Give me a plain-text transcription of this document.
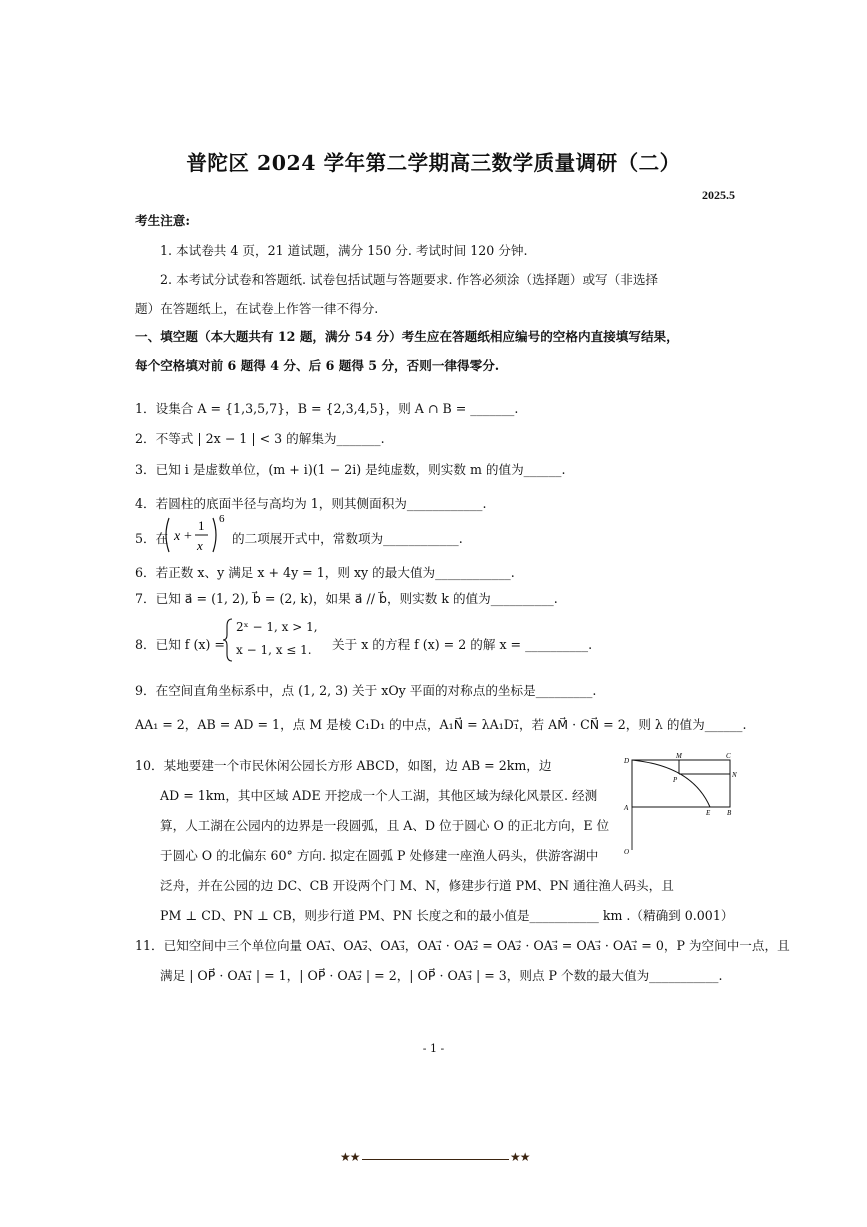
普陀区 2024 学年第二学期高三数学质量调研（二）
2025.5
考生注意:
1. 本试卷共 4 页，21 道试题，满分 150 分. 考试时间 120 分钟.
2. 本考试分试卷和答题纸. 试卷包括试题与答题要求. 作答必须涂（选择题）或写（非选择
题）在答题纸上，在试卷上作答一律不得分.
一、填空题（本大题共有 12 题，满分 54 分）考生应在答题纸相应编号的空格内直接填写结果，
每个空格填对前 6 题得 4 分、后 6 题得 5 分，否则一律得零分.
1．设集合 A = {1,3,5,7}，B = {2,3,4,5}，则 A ∩ B = _______.
2．不等式 | 2x − 1 | < 3 的解集为_______.
3．已知 i 是虚数单位，(m + i)(1 − 2i) 是纯虚数，则实数 m 的值为______.
4．若圆柱的底面半径与高均为 1，则其侧面积为____________.
5．在 x +
1
x
6
的二项展开式中，常数项为____________.
6．若正数 x、y 满足 x + 4y = 1，则 xy 的最大值为____________.
7．已知 a⃗ = (1, 2), b⃗ = (2, k)，如果 a⃗ // b⃗，则实数 k 的值为__________.
8．已知 f (x) =
2ˣ − 1, x > 1,
x − 1, x ≤ 1. 关于 x 的方程 f (x) = 2 的解 x = __________.
9．在空间直角坐标系中，点 (1, 2, 3) 关于 xOy 平面的对称点的坐标是_________.
AA₁ = 2，AB = AD = 1，点 M 是棱 C₁D₁ 的中点，A₁N⃗ = λA₁D₁⃗，若 AM⃗ · CN⃗ = 2，则 λ 的值为______.
10．某地要建一个市民休闲公园长方形 ABCD，如图，边 AB = 2km，边
AD = 1km，其中区域 ADE 开挖成一个人工湖，其他区域为绿化风景区. 经测
算，人工湖在公园内的边界是一段圆弧，且 A、D 位于圆心 O 的正北方向，E 位
于圆心 O 的北偏东 60° 方向. 拟定在圆弧 P 处修建一座渔人码头，供游客湖中
泛舟，并在公园的边 DC、CB 开设两个门 M、N，修建步行道 PM、PN 通往渔人码头，且
PM ⊥ CD、PN ⊥ CB，则步行道 PM、PN 长度之和的最小值是___________ km .（精确到 0.001）
D
M	C
N
P
A
E B
O
11．已知空间中三个单位向量 OA₁⃗、OA₂⃗、OA₃⃗，OA₁⃗ · OA₂⃗ = OA₂⃗ · OA₃⃗ = OA₃⃗ · OA₁⃗ = 0，P 为空间中一点，且
满足 | OP⃗ · OA₁⃗ | = 1，| OP⃗ · OA₂⃗ | = 2，| OP⃗ · OA₃⃗ | = 3，则点 P 个数的最大值为___________.
- 1 -
★★	★★
